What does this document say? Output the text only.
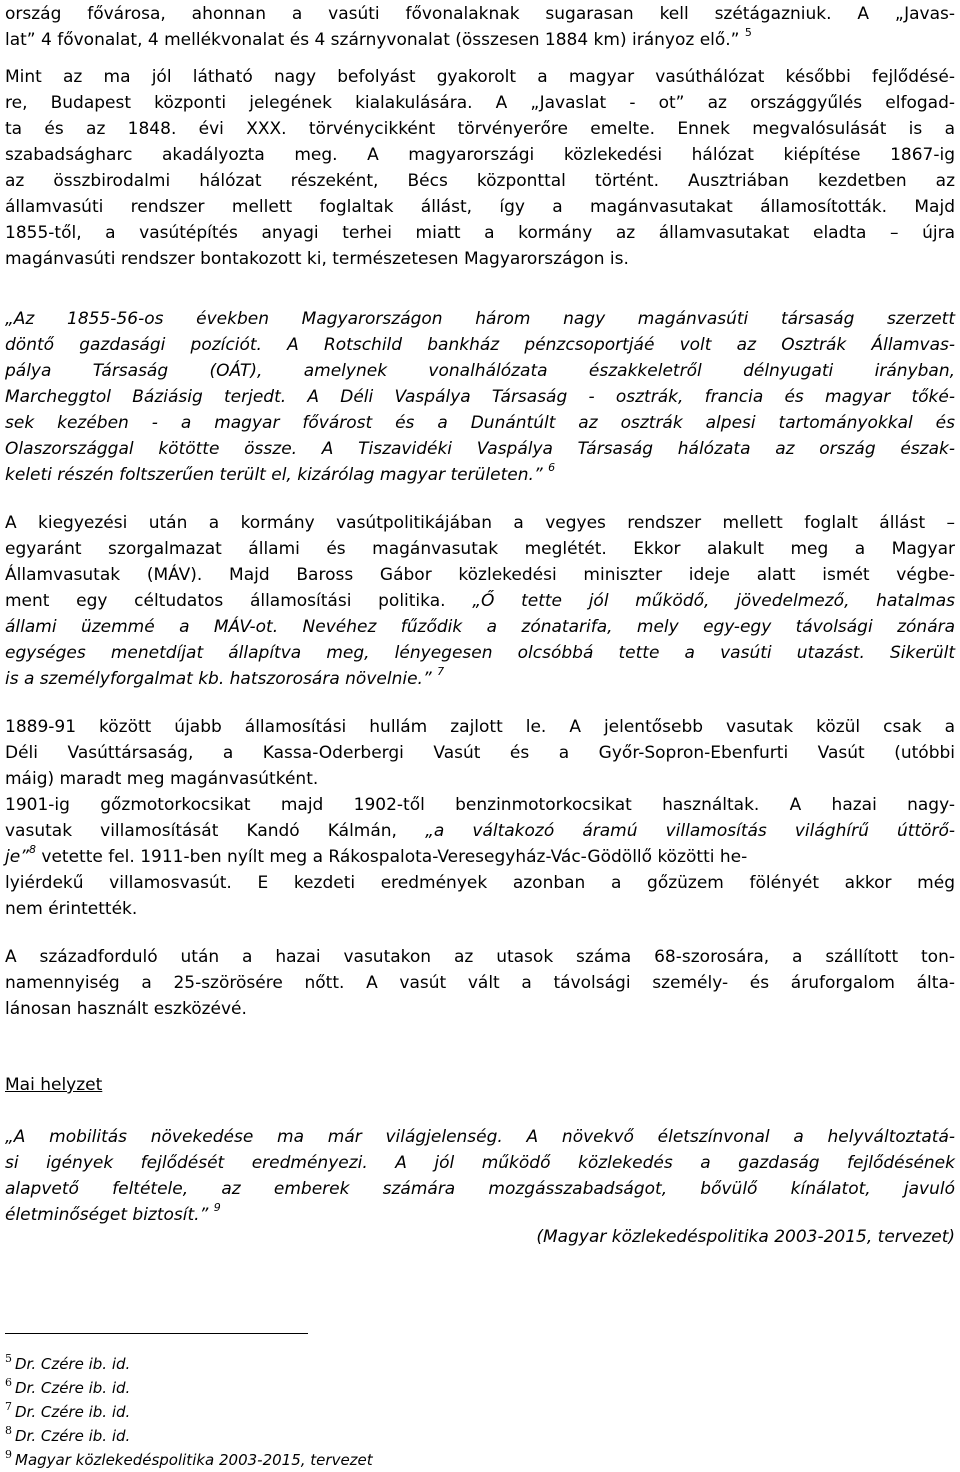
ország fővárosa, ahonnan a vasúti fővonalaknak sugarasan kell szétágazniuk. A „Javas-
lat” 4 fővonalat, 4 mellékvonalat és 4 szárnyvonalat (összesen 1884 km) irányoz elő.” $^5$
Mint az ma jól látható nagy befolyást gyakorolt a magyar vasúthálózat későbbi fejlődésé-
re, Budapest központi jelegének kialakulására. A „Javaslat - ot” az országgyűlés elfogad-
ta és az 1848. évi XXX. törvénycikként törvényerőre emelte. Ennek megvalósulását is a
szabadságharc akadályozta meg. A magyarországi közlekedési hálózat kiépítése 1867-ig
az összbirodalmi hálózat részeként, Bécs központtal történt. Ausztriában kezdetben az
államvasúti rendszer mellett foglaltak állást, így a magánvasutakat államosították. Majd
1855-től, a vasútépítés anyagi terhei miatt a kormány az államvasutakat eladta – újra
magánvasúti rendszer bontakozott ki, természetesen Magyarországon is.
„Az 1855-56-os években Magyarországon három nagy magánvasúti társaság szerzett
döntő gazdasági pozíciót. A Rotschild bankház pénzcsoportjáé volt az Osztrák Államvas-
pálya Társaság (OÁT), amelynek vonalhálózata északkeletről délnyugati irányban,
Marcheggtol Báziásig terjedt. A Déli Vaspálya Társaság - osztrák, francia és magyar tőké-
sek kezében - a magyar fővárost és a Dunántúlt az osztrák alpesi tartományokkal és
Olaszországgal kötötte össze. A Tiszavidéki Vaspálya Társaság hálózata az ország észak-
keleti részén foltszerűen terült el, kizárólag magyar területen.” $^6$
A kiegyezési után a kormány vasútpolitikájában a vegyes rendszer mellett foglalt állást –
egyaránt szorgalmazat állami és magánvasutak meglétét. Ekkor alakult meg a Magyar
Államvasutak (MÁV). Majd Baross Gábor közlekedési miniszter ideje alatt ismét végbe-
ment egy céltudatos államosítási politika. „Ő tette jól működő, jövedelmező, hatalmas
állami üzemmé a MÁV-ot. Nevéhez fűződik a zónatarifa, mely egy-egy távolsági zónára
egységes menetdíjat állapítva meg, lényegesen olcsóbbá tette a vasúti utazást. Sikerült
is a személyforgalmat kb. hatszorosára növelnie.” $^7$
1889-91 között újabb államosítási hullám zajlott le. A jelentősebb vasutak közül csak a
Déli Vasúttársaság, a Kassa-Oderbergi Vasút és a Győr-Sopron-Ebenfurti Vasút (utóbbi
máig) maradt meg magánvasútként.
1901-ig gőzmotorkocsikat majd 1902-től benzinmotorkocsikat használtak. A hazai nagy-
vasutak villamosítását Kandó Kálmán, „a váltakozó áramú villamosítás világhírű úttörő-
je”$^8$ vetette fel. 1911-ben nyílt meg a Rákospalota-Veresegyház-Vác-Gödöllő közötti he-
lyiérdekű villamosvasút. E kezdeti eredmények azonban a gőzüzem fölényét akkor még
nem érintették.
A századforduló után a hazai vasutakon az utasok száma 68-szorosára, a szállított ton-
namennyiség a 25-szörösére nőtt. A vasút vált a távolsági személy- és áruforgalom álta-
lánosan használt eszközévé.
Mai helyzet
„A mobilitás növekedése ma már világjelenség. A növekvő életszínvonal a helyváltoztatá-
si igények fejlődését eredményezi. A jól működő közlekedés a gazdaság fejlődésének
alapvető feltétele, az emberek számára mozgásszabadságot, bővülő kínálatot, javuló
életminőséget biztosít.” $^9$
(Magyar közlekedéspolitika 2003-2015, tervezet)
$^5$ Dr. Czére ib. id.
$^6$ Dr. Czére ib. id.
$^7$ Dr. Czére ib. id.
$^8$ Dr. Czére ib. id.
$^9$ Magyar közlekedéspolitika 2003-2015, tervezet
